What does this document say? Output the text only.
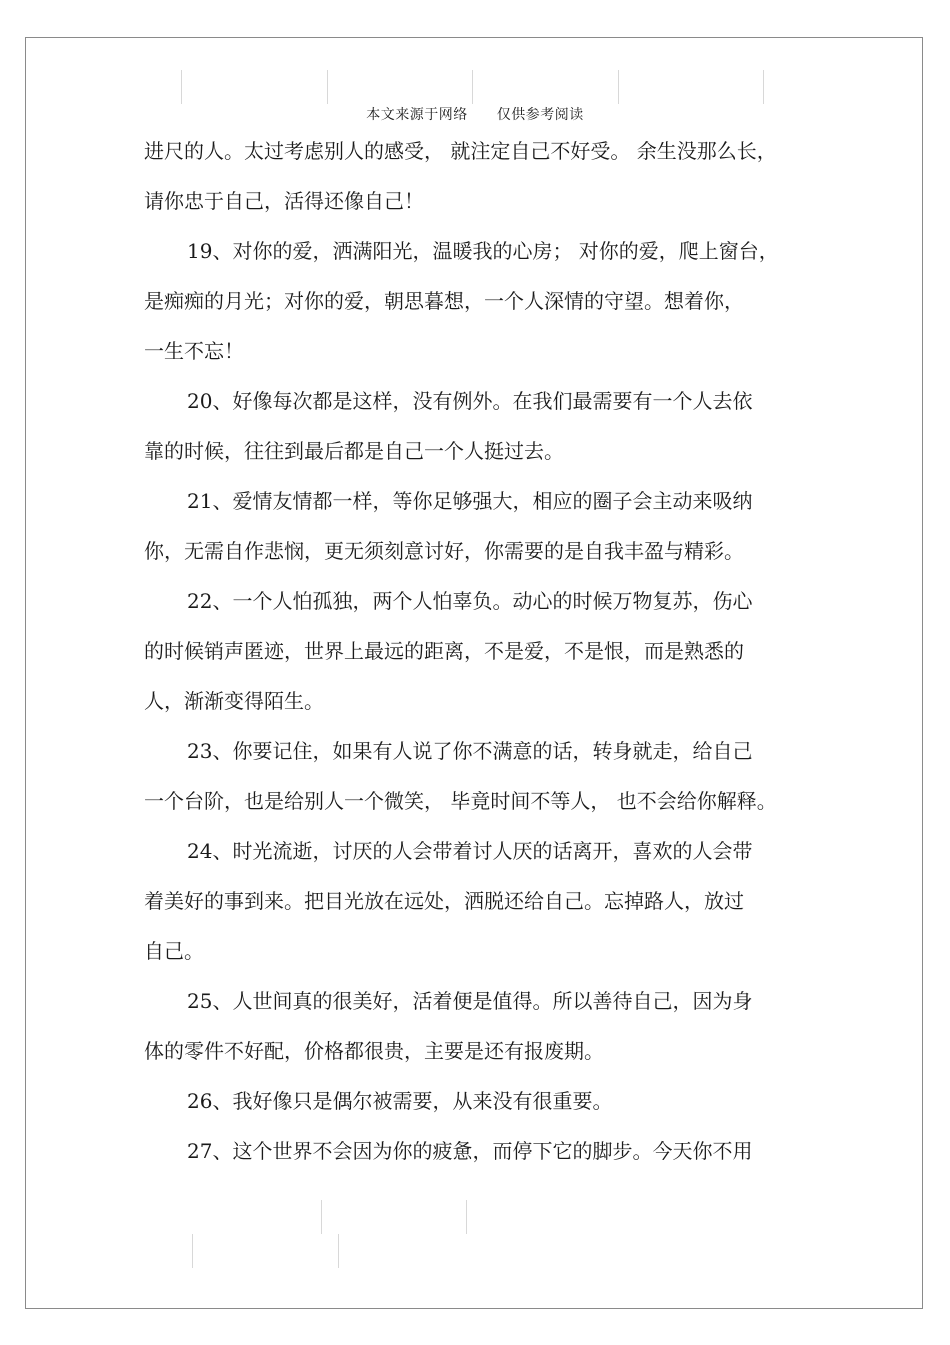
本文来源于网络 仅供参考阅读
进尺的人。太过考虑别人的感受， 就注定自己不好受。 余生没那么长，
请你忠于自己，活得还像自己！
19、对你的爱，洒满阳光，温暖我的心房； 对你的爱，爬上窗台，
是痴痴的月光；对你的爱，朝思暮想，一个人深情的守望。想着你，
一生不忘！
20、好像每次都是这样，没有例外。在我们最需要有一个人去依
靠的时候，往往到最后都是自己一个人挺过去。
21、爱情友情都一样，等你足够强大，相应的圈子会主动来吸纳
你，无需自作悲悯，更无须刻意讨好，你需要的是自我丰盈与精彩。
22、一个人怕孤独，两个人怕辜负。动心的时候万物复苏，伤心
的时候销声匿迹，世界上最远的距离，不是爱，不是恨，而是熟悉的
人，渐渐变得陌生。
23、你要记住，如果有人说了你不满意的话，转身就走，给自己
一个台阶，也是给别人一个微笑， 毕竟时间不等人， 也不会给你解释。
24、时光流逝，讨厌的人会带着讨人厌的话离开，喜欢的人会带
着美好的事到来。把目光放在远处，洒脱还给自己。忘掉路人，放过
自己。
25、人世间真的很美好，活着便是值得。所以善待自己，因为身
体的零件不好配，价格都很贵，主要是还有报废期。
26、我好像只是偶尔被需要，从来没有很重要。
27、这个世界不会因为你的疲惫，而停下它的脚步。今天你不用
